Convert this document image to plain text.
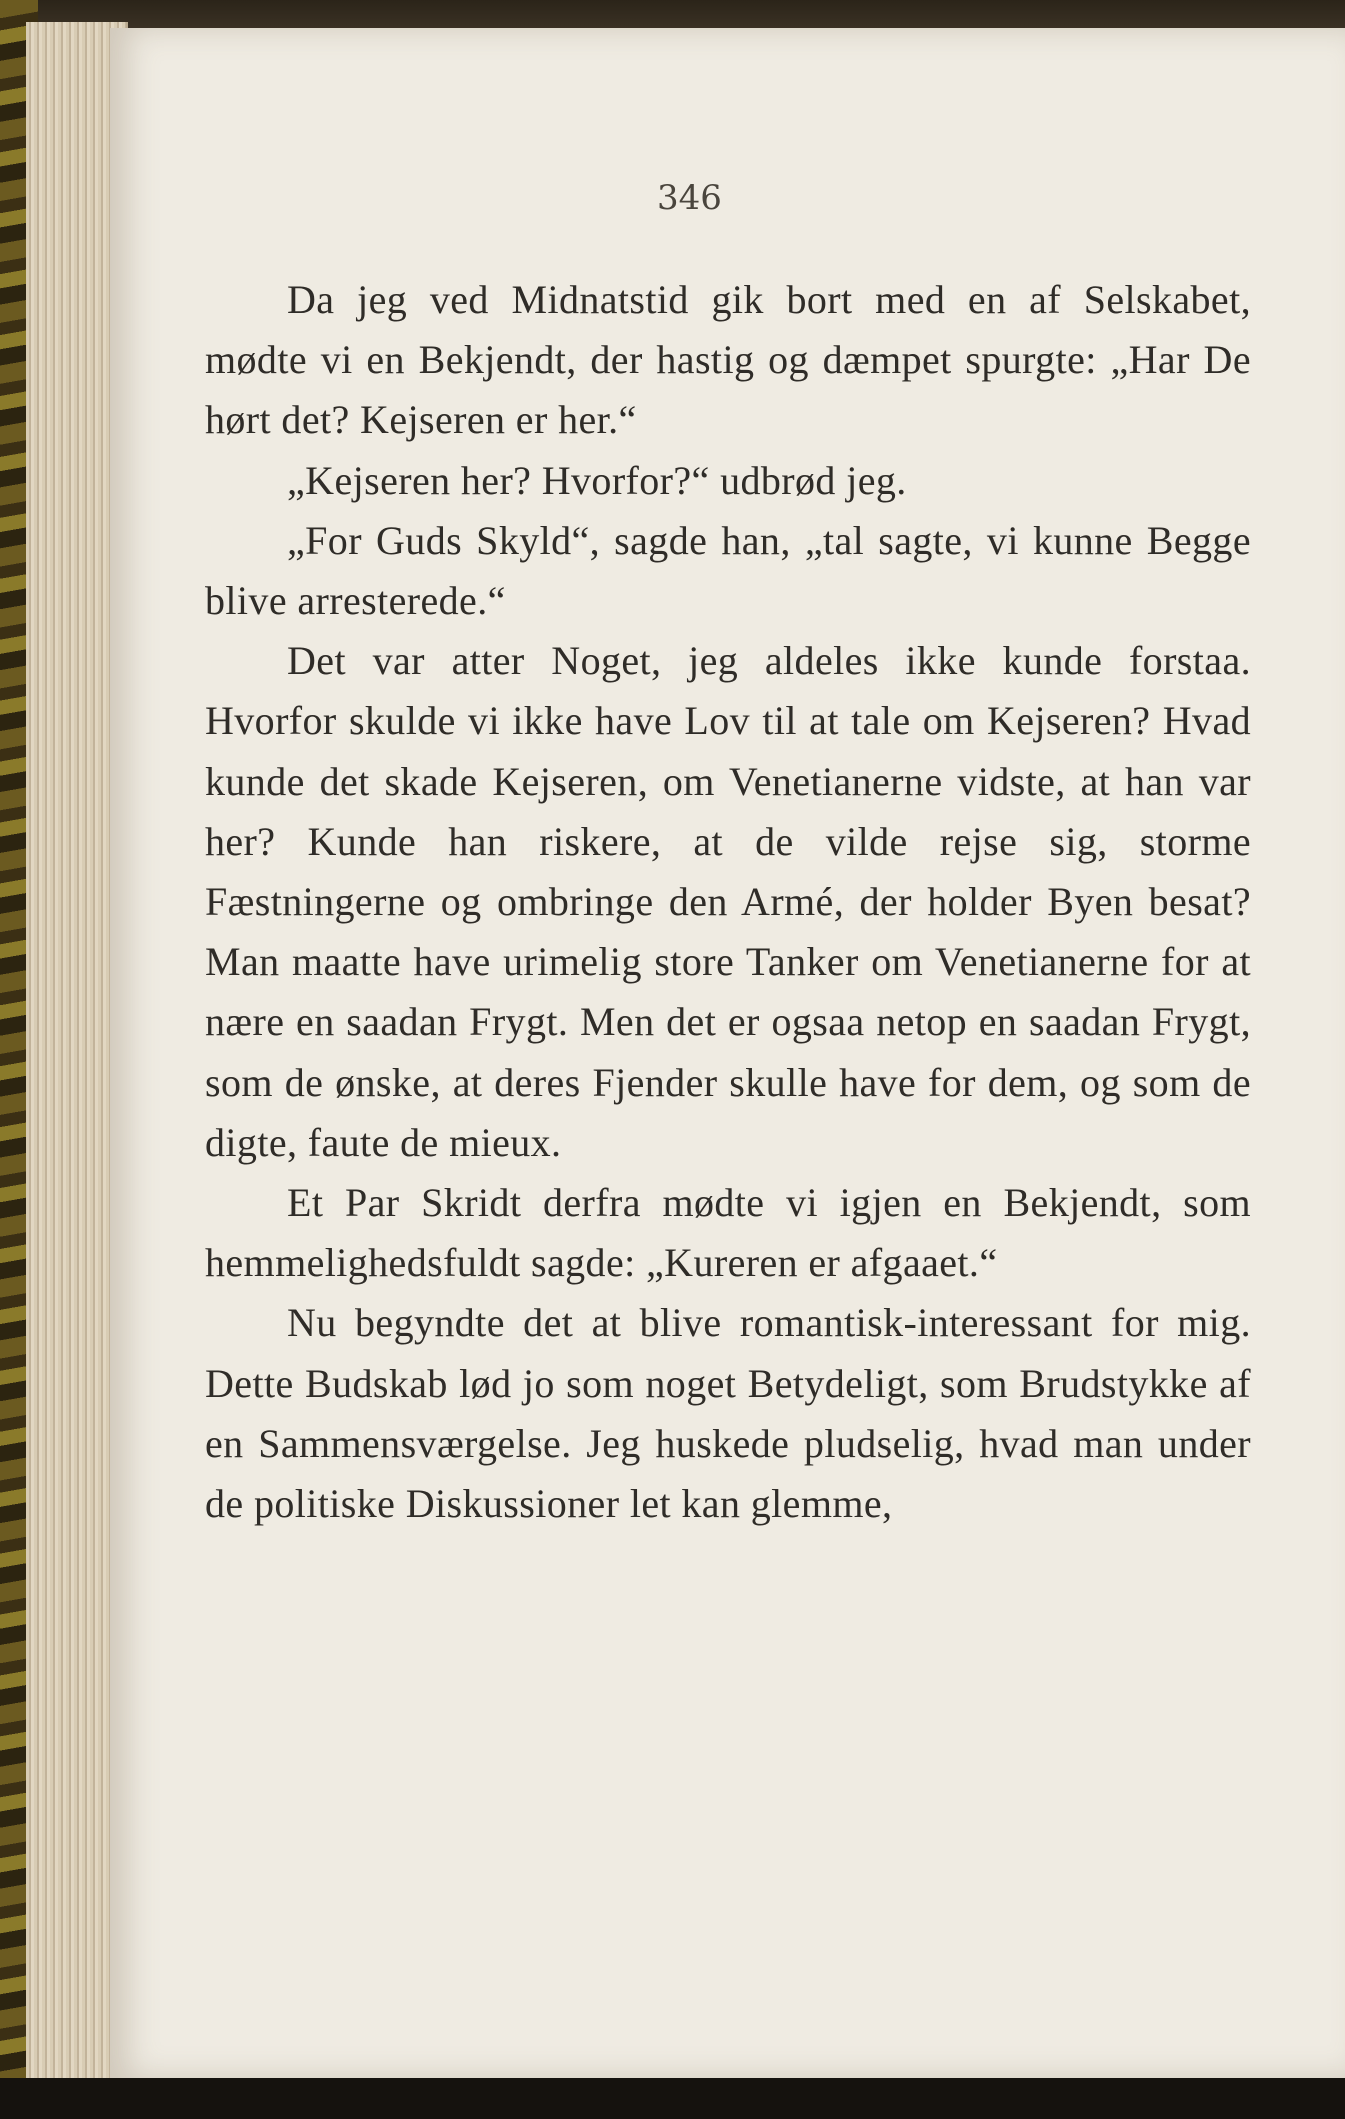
346

Da jeg ved Midnatstid gik bort med en af Selskabet, mødte vi en Bekjendt, der hastig og dæmpet spurgte: „Har De hørt det? Kejseren er her.“

„Kejseren her? Hvorfor?“ udbrød jeg.

„For Guds Skyld“, sagde han, „tal sagte, vi kunne Begge blive arresterede.“

Det var atter Noget, jeg aldeles ikke kunde forstaa. Hvorfor skulde vi ikke have Lov til at tale om Kejseren? Hvad kunde det skade Kejseren, om Venetianerne vidste, at han var her? Kunde han riskere, at de vilde rejse sig, storme Fæstningerne og ombringe den Armé, der holder Byen besat? Man maatte have urimelig store Tanker om Venetianerne for at nære en saadan Frygt. Men det er ogsaa netop en saadan Frygt, som de ønske, at deres Fjender skulle have for dem, og som de digte, faute de mieux.

Et Par Skridt derfra mødte vi igjen en Bekjendt, som hemmelighedsfuldt sagde: „Kureren er afgaaet.“

Nu begyndte det at blive romantisk-interessant for mig. Dette Budskab lød jo som noget Betydeligt, som Brudstykke af en Sammensværgelse. Jeg huskede pludselig, hvad man under de politiske Diskussioner let kan glemme,
